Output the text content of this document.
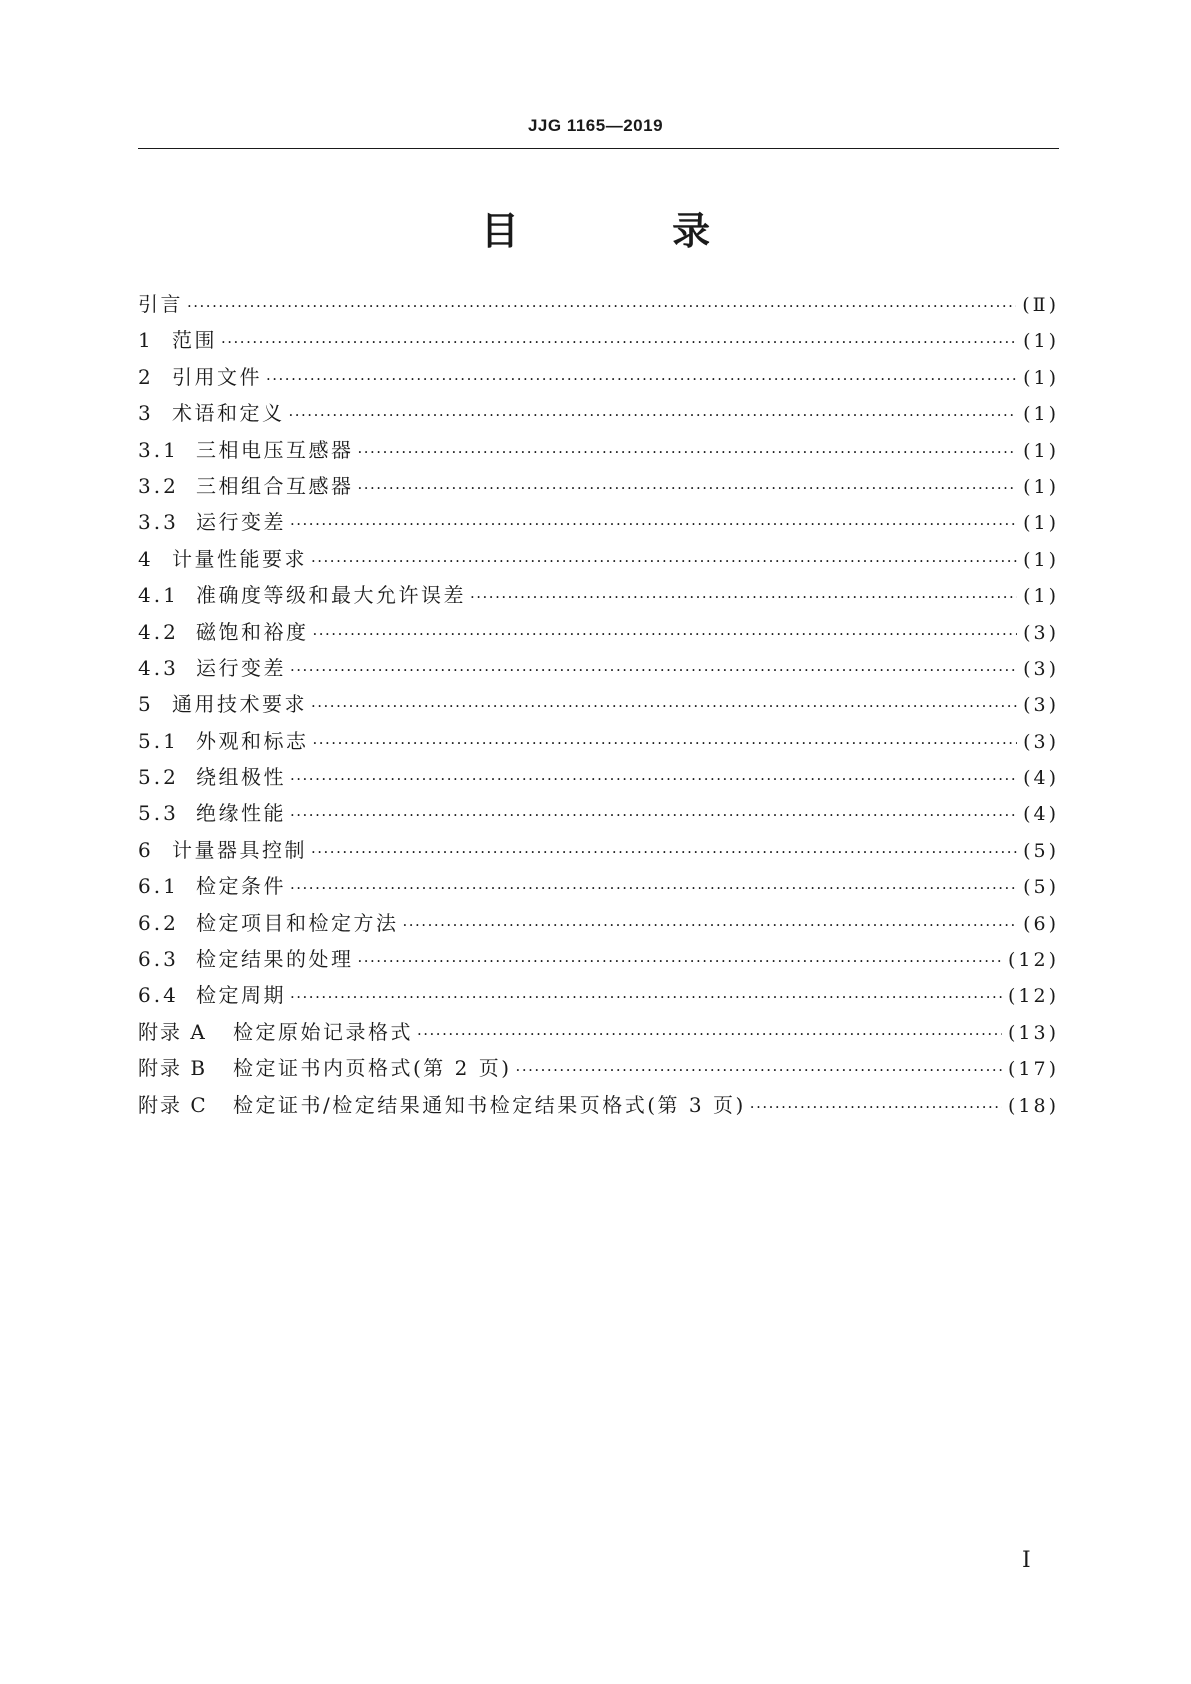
JJG 1165—2019
目 录
引言 ·····	(Ⅱ)
1 范围 ·····	(1)
2 引用文件 ·····	(1)
3 术语和定义 ·····	(1)
3.1 三相电压互感器 ·····	(1)
3.2 三相组合互感器 ·····	(1)
3.3 运行变差 ·····	(1)
4 计量性能要求 ·····	(1)
4.1 准确度等级和最大允许误差 ·····	(1)
4.2 磁饱和裕度 ·····	(3)
4.3 运行变差 ·····	(3)
5 通用技术要求 ·····	(3)
5.1 外观和标志 ·····	(3)
5.2 绕组极性 ·····	(4)
5.3 绝缘性能 ·····	(4)
6 计量器具控制 ·····	(5)
6.1 检定条件 ·····	(5)
6.2 检定项目和检定方法 ·····	(6)
6.3 检定结果的处理 ·····	(12)
6.4 检定周期 ·····	(12)
附录 A	检定原始记录格式 ·····	(13)
附录 B	检定证书内页格式(第 2 页) ·····	(17)
附录 C	检定证书/检定结果通知书检定结果页格式(第 3 页) ·····	(18)
I
